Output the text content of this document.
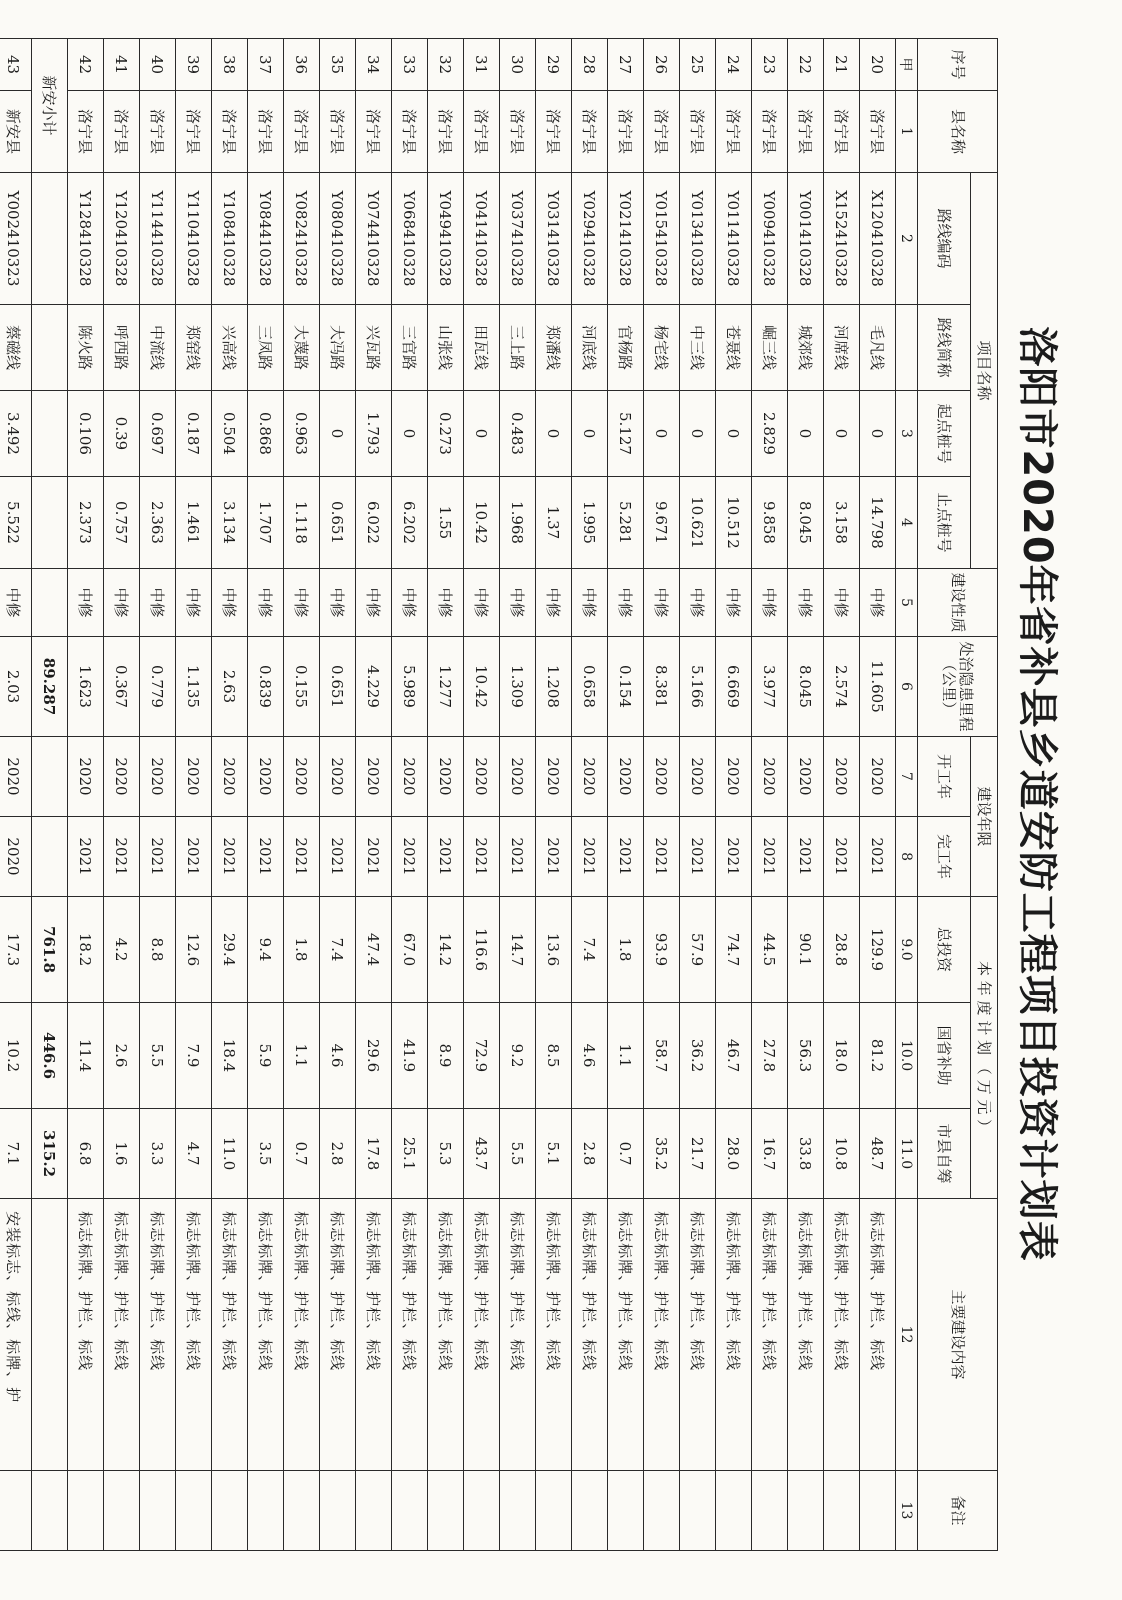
洛阳市2020年省补县乡道安防工程项目投资计划表
序号	县名称	项目名称				建设性质	处治隐患里程（公里）	建设年限		本 年 度 计 划 （ 万 元 ）			主要建设内容	备注
		路线编码	路线简称	起点桩号	止点桩号									
								开工年	完工年	总投资	国省补助	市县自筹		
甲	1	2		3	4	5	6	7	8	9.0	10.0	11.0	12	13
20	洛宁县	X120410328	毛凡线	0	14.798	中修	11.605	2020	2021	129.9	81.2	48.7	标志标牌、护栏、标线	
21	洛宁县	X152410328	河席线	0	3.158	中修	2.574	2020	2021	28.8	18.0	10.8	标志标牌、护栏、标线	
22	洛宁县	Y001410328	城郊线	0	8.045	中修	8.045	2020	2021	90.1	56.3	33.8	标志标牌、护栏、标线	
23	洛宁县	Y009410328	崛三线	2.829	9.858	中修	3.977	2020	2021	44.5	27.8	16.7	标志标牌、护栏、标线	
24	洛宁县	Y011410328	苍聂线	0	10.512	中修	6.669	2020	2021	74.7	46.7	28.0	标志标牌、护栏、标线	
25	洛宁县	Y013410328	中三线	0	10.621	中修	5.166	2020	2021	57.9	36.2	21.7	标志标牌、护栏、标线	
26	洛宁县	Y015410328	杨宅线	0	9.671	中修	8.381	2020	2021	93.9	58.7	35.2	标志标牌、护栏、标线	
27	洛宁县	Y021410328	官杨路	5.127	5.281	中修	0.154	2020	2021	1.8	1.1	0.7	标志标牌、护栏、标线	
28	洛宁县	Y029410328	河底线	0	1.995	中修	0.658	2020	2021	7.4	4.6	2.8	标志标牌、护栏、标线	
29	洛宁县	Y031410328	郑潘线	0	1.37	中修	1.208	2020	2021	13.6	8.5	5.1	标志标牌、护栏、标线	
30	洛宁县	Y037410328	三上路	0.483	1.968	中修	1.309	2020	2021	14.7	9.2	5.5	标志标牌、护栏、标线	
31	洛宁县	Y041410328	田瓦线	0	10.42	中修	10.42	2020	2021	116.6	72.9	43.7	标志标牌、护栏、标线	
32	洛宁县	Y049410328	山张线	0.273	1.55	中修	1.277	2020	2021	14.2	8.9	5.3	标志标牌、护栏、标线	
33	洛宁县	Y068410328	三官路	0	6.202	中修	5.989	2020	2021	67.0	41.9	25.1	标志标牌、护栏、标线	
34	洛宁县	Y074410328	兴瓦路	1.793	6.022	中修	4.229	2020	2021	47.4	29.6	17.8	标志标牌、护栏、标线	
35	洛宁县	Y080410328	大冯路	0	0.651	中修	0.651	2020	2021	7.4	4.6	2.8	标志标牌、护栏、标线	
36	洛宁县	Y082410328	大蔑路	0.963	1.118	中修	0.155	2020	2021	1.8	1.1	0.7	标志标牌、护栏、标线	
37	洛宁县	Y084410328	三凤路	0.868	1.707	中修	0.839	2020	2021	9.4	5.9	3.5	标志标牌、护栏、标线	
38	洛宁县	Y108410328	兴高线	0.504	3.134	中修	2.63	2020	2021	29.4	18.4	11.0	标志标牌、护栏、标线	
39	洛宁县	Y110410328	郑窑线	0.187	1.461	中修	1.135	2020	2021	12.6	7.9	4.7	标志标牌、护栏、标线	
40	洛宁县	Y114410328	中流线	0.697	2.363	中修	0.779	2020	2021	8.8	5.5	3.3	标志标牌、护栏、标线	
41	洛宁县	Y120410328	呼西路	0.39	0.757	中修	0.367	2020	2021	4.2	2.6	1.6	标志标牌、护栏、标线	
42	洛宁县	Y128410328	陈火路	0.106	2.373	中修	1.623	2020	2021	18.2	11.4	6.8	标志标牌、护栏、标线	
新安小计							89.287			761.8	446.6	315.2		
43	新安县	Y002410323	蔡磁线	3.492	5.522	中修	2.03	2020	2020	17.3	10.2	7.1	安装标志、标线、标牌、护	
